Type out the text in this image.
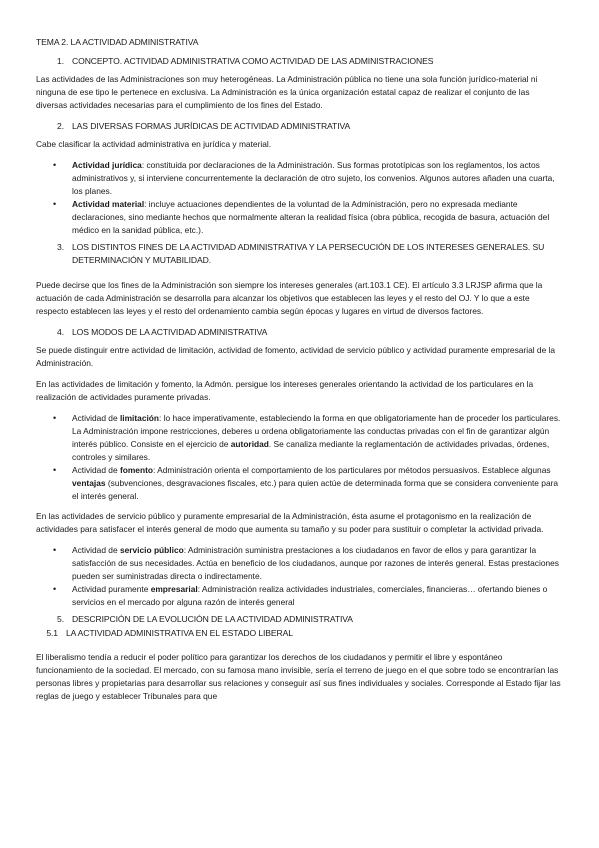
TEMA 2. LA ACTIVIDAD ADMINISTRATIVA
1. CONCEPTO. ACTIVIDAD ADMINISTRATIVA COMO ACTIVIDAD DE LAS ADMINISTRACIONES

Las actividades de las Administraciones son muy heterogéneas. La Administración pública no tiene una sola función jurídico-material ni ninguna de ese tipo le pertenece en exclusiva. La Administración es la única organización estatal capaz de realizar el conjunto de las diversas actividades necesarias para el cumplimiento de los fines del Estado.

2. LAS DIVERSAS FORMAS JURÍDICAS DE ACTIVIDAD ADMINISTRATIVA

Cabe clasificar la actividad administrativa en jurídica y material.

• Actividad jurídica: constituida por declaraciones de la Administración. Sus formas prototípicas son los reglamentos, los actos administrativos y, si interviene concurrentemente la declaración de otro sujeto, los convenios. Algunos autores añaden una cuarta, los planes.
• Actividad material: incluye actuaciones dependientes de la voluntad de la Administración, pero no expresada mediante declaraciones, sino mediante hechos que normalmente alteran la realidad física (obra pública, recogida de basura, actuación del médico en la sanidad pública, etc.).
3. LOS DISTINTOS FINES DE LA ACTIVIDAD ADMINISTRATIVA Y LA PERSECUCIÓN DE LOS INTERESES GENERALES. SU DETERMINACIÓN Y MUTABILIDAD.

Puede decirse que los fines de la Administración son siempre los intereses generales (art.103.1 CE). El artículo 3.3 LRJSP afirma que la actuación de cada Administración se desarrolla para alcanzar los objetivos que establecen las leyes y el resto del OJ. Y lo que a este respecto establecen las leyes y el resto del ordenamiento cambia según épocas y lugares en virtud de diversos factores.

4. LOS MODOS DE LA ACTIVIDAD ADMINISTRATIVA

Se puede distinguir entre actividad de limitación, actividad de fomento, actividad de servicio público y actividad puramente empresarial de la Administración.

En las actividades de limitación y fomento, la Admón. persigue los intereses generales orientando la actividad de los particulares en la realización de actividades puramente privadas.

• Actividad de limitación: lo hace imperativamente, estableciendo la forma en que obligatoriamente han de proceder los particulares. La Administración impone restricciones, deberes u ordena obligatoriamente las conductas privadas con el fin de garantizar algún interés público. Consiste en el ejercicio de autoridad. Se canaliza mediante la reglamentación de actividades privadas, órdenes, controles y similares.
• Actividad de fomento: Administración orienta el comportamiento de los particulares por métodos persuasivos. Establece algunas ventajas (subvenciones, desgravaciones fiscales, etc.) para quien actúe de determinada forma que se considera conveniente para el interés general.

En las actividades de servicio público y puramente empresarial de la Administración, ésta asume el protagonismo en la realización de actividades para satisfacer el interés general de modo que aumenta su tamaño y su poder para sustituir o completar la actividad privada.

• Actividad de servicio público: Administración suministra prestaciones a los ciudadanos en favor de ellos y para garantizar la satisfacción de sus necesidades. Actúa en beneficio de los ciudadanos, aunque por razones de interés general. Estas prestaciones pueden ser suministradas directa o indirectamente.
• Actividad puramente empresarial: Administración realiza actividades industriales, comerciales, financieras… ofertando bienes o servicios en el mercado por alguna razón de interés general
5. DESCRIPCIÓN DE LA EVOLUCIÓN DE LA ACTIVIDAD ADMINISTRATIVA
5.1 LA ACTIVIDAD ADMINISTRATIVA EN EL ESTADO LIBERAL

El liberalismo tendía a reducir el poder político para garantizar los derechos de los ciudadanos y permitir el libre y espontáneo funcionamiento de la sociedad. El mercado, con su famosa mano invisible, sería el terreno de juego en el que sobre todo se encontrarían las personas libres y propietarias para desarrollar sus relaciones y conseguir así sus fines individuales y sociales. Corresponde al Estado fijar las reglas de juego y establecer Tribunales para que
